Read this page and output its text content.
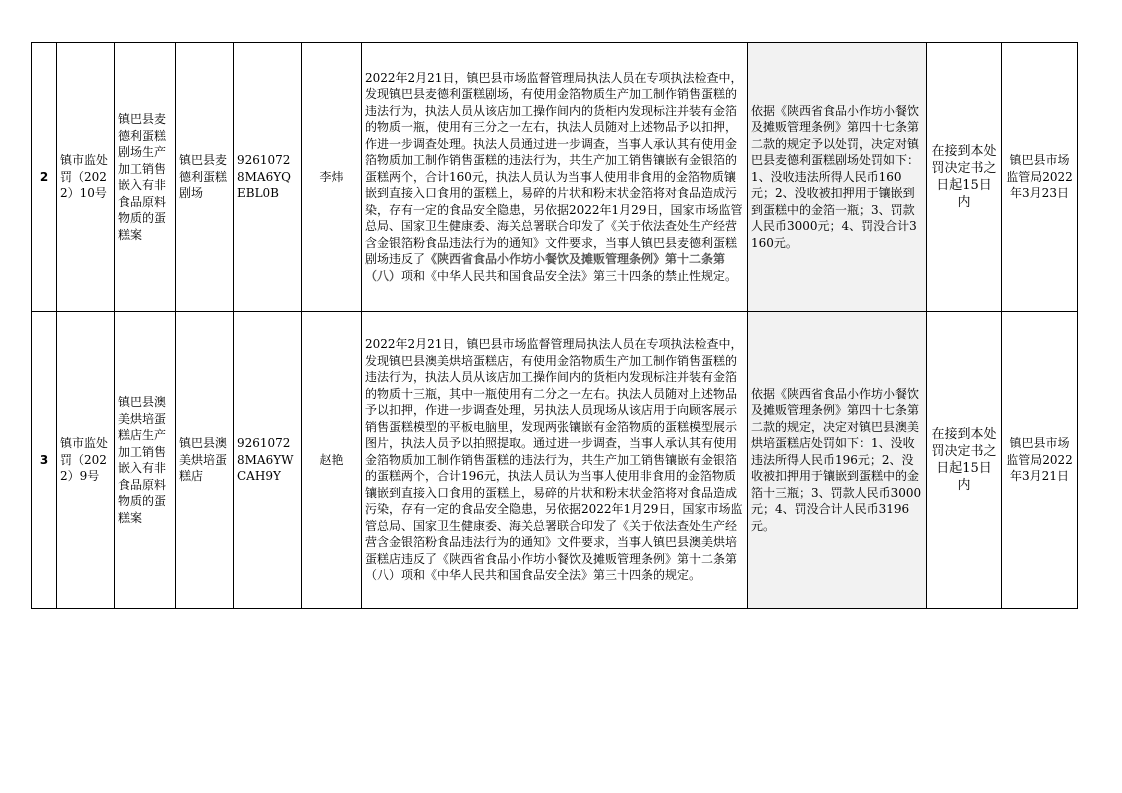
2	镇市监处罚（2022）10号	镇巴县麦德利蛋糕剧场生产加工销售嵌入有非食品原料物质的蛋糕案	镇巴县麦德利蛋糕剧场	92610728MA6YQEBL0B	李炜	2022年2月21日，镇巴县市场监督管理局执法人员在专项执法检查中，发现镇巴县麦德利蛋糕剧场，有使用金箔物质生产加工制作销售蛋糕的违法行为，执法人员从该店加工操作间内的货柜内发现标注并装有金箔的物质一瓶，使用有三分之一左右，执法人员随对上述物品予以扣押，作进一步调查处理。执法人员通过进一步调查，当事人承认其有使用金箔物质加工制作销售蛋糕的违法行为，共生产加工销售镶嵌有金银箔的蛋糕两个，合计160元，执法人员认为当事人使用非食用的金箔物质镶嵌到直接入口食用的蛋糕上，易碎的片状和粉末状金箔将对食品造成污染，存有一定的食品安全隐患，另依据2022年1月29日，国家市场监管总局、国家卫生健康委、海关总署联合印发了《关于依法查处生产经营含金银箔粉食品违法行为的通知》文件要求，当事人镇巴县麦德利蛋糕剧场违反了《陕西省食品小作坊小餐饮及摊贩管理条例》第十二条第（八）项和《中华人民共和国食品安全法》第三十四条的禁止性规定。	依据《陕西省食品小作坊小餐饮及摊贩管理条例》第四十七条第二款的规定予以处罚，决定对镇巴县麦德利蛋糕剧场处罚如下： 1、没收违法所得人民币160元；2、没收被扣押用于镶嵌到到蛋糕中的金箔一瓶；3、罚款人民币3000元；4、罚没合计3160元。	在接到本处罚决定书之日起15日内	镇巴县市场监管局2022年3月23日
3	镇市监处罚（2022）9号	镇巴县澳美烘培蛋糕店生产加工销售嵌入有非食品原料物质的蛋糕案	镇巴县澳美烘培蛋糕店	92610728MA6YWCAH9Y	赵艳	2022年2月21日，镇巴县市场监督管理局执法人员在专项执法检查中，发现镇巴县澳美烘培蛋糕店，有使用金箔物质生产加工制作销售蛋糕的违法行为，执法人员从该店加工操作间内的货柜内发现标注并装有金箔的物质十三瓶，其中一瓶使用有二分之一左右。执法人员随对上述物品予以扣押，作进一步调查处理，另执法人员现场从该店用于向顾客展示销售蛋糕模型的平板电脑里，发现两张镶嵌有金箔物质的蛋糕模型展示图片，执法人员予以拍照提取。通过进一步调查，当事人承认其有使用金箔物质加工制作销售蛋糕的违法行为，共生产加工销售镶嵌有金银箔的蛋糕两个，合计196元，执法人员认为当事人使用非食用的金箔物质镶嵌到直接入口食用的蛋糕上，易碎的片状和粉末状金箔将对食品造成污染，存有一定的食品安全隐患，另依据2022年1月29日，国家市场监管总局、国家卫生健康委、海关总署联合印发了《关于依法查处生产经营含金银箔粉食品违法行为的通知》文件要求，当事人镇巴县澳美烘培蛋糕店违反了《陕西省食品小作坊小餐饮及摊贩管理条例》第十二条第（八）项和《中华人民共和国食品安全法》第三十四条的规定。	依据《陕西省食品小作坊小餐饮及摊贩管理条例》第四十七条第二款的规定，决定对镇巴县澳美烘培蛋糕店处罚如下：1、没收违法所得人民币196元；2、没收被扣押用于镶嵌到蛋糕中的金箔十三瓶；3、罚款人民币3000元；4、罚没合计人民币3196元。	在接到本处罚决定书之日起15日内	镇巴县市场监管局2022年3月21日
